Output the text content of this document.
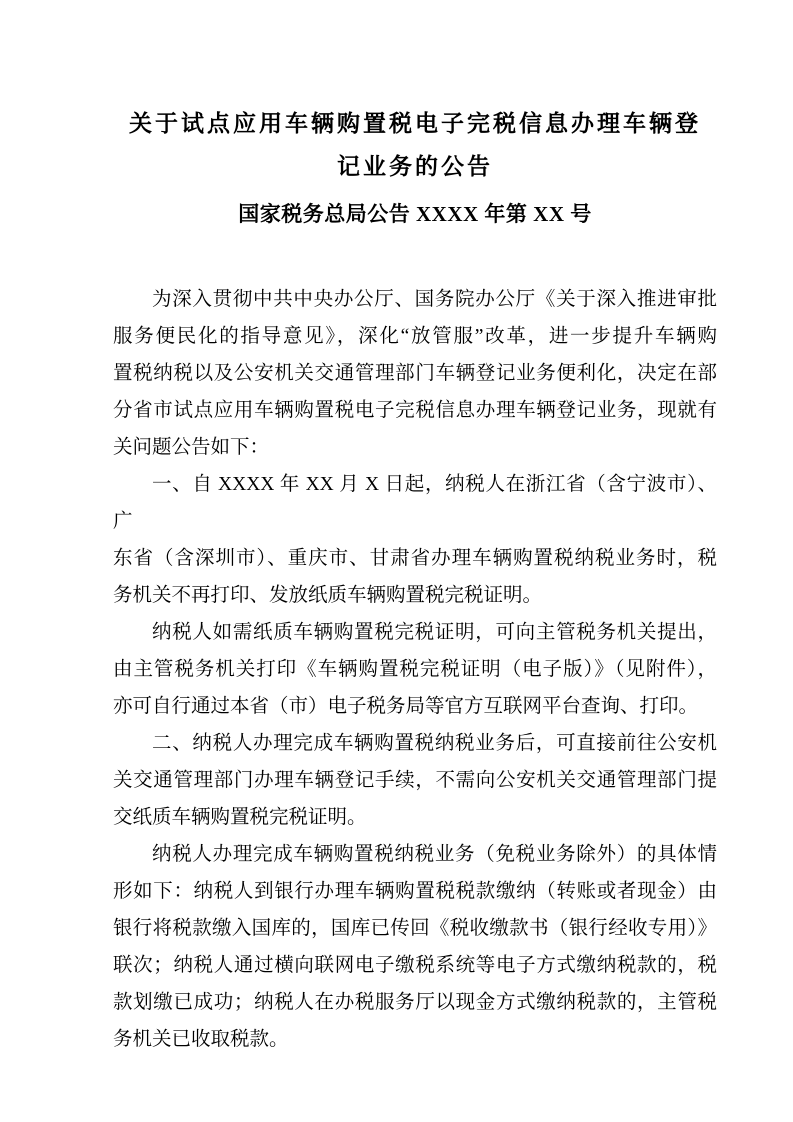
关于试点应用车辆购置税电子完税信息办理车辆登
记业务的公告
国家税务总局公告 XXXX 年第 XX 号
为深入贯彻中共中央办公厅、国务院办公厅《关于深入推进审批
服务便民化的指导意见》，深化“放管服”改革，进一步提升车辆购
置税纳税以及公安机关交通管理部门车辆登记业务便利化，决定在部
分省市试点应用车辆购置税电子完税信息办理车辆登记业务，现就有
关问题公告如下：
一、自 XXXX 年 XX 月 X 日起，纳税人在浙江省（含宁波市）、广
东省（含深圳市）、重庆市、甘肃省办理车辆购置税纳税业务时，税
务机关不再打印、发放纸质车辆购置税完税证明。
纳税人如需纸质车辆购置税完税证明，可向主管税务机关提出，
由主管税务机关打印《车辆购置税完税证明（电子版）》（见附件），
亦可自行通过本省（市）电子税务局等官方互联网平台查询、打印。
二、纳税人办理完成车辆购置税纳税业务后，可直接前往公安机
关交通管理部门办理车辆登记手续，不需向公安机关交通管理部门提
交纸质车辆购置税完税证明。
纳税人办理完成车辆购置税纳税业务（免税业务除外）的具体情
形如下：纳税人到银行办理车辆购置税税款缴纳（转账或者现金）由
银行将税款缴入国库的，国库已传回《税收缴款书（银行经收专用）》
联次；纳税人通过横向联网电子缴税系统等电子方式缴纳税款的，税
款划缴已成功；纳税人在办税服务厅以现金方式缴纳税款的，主管税
务机关已收取税款。
